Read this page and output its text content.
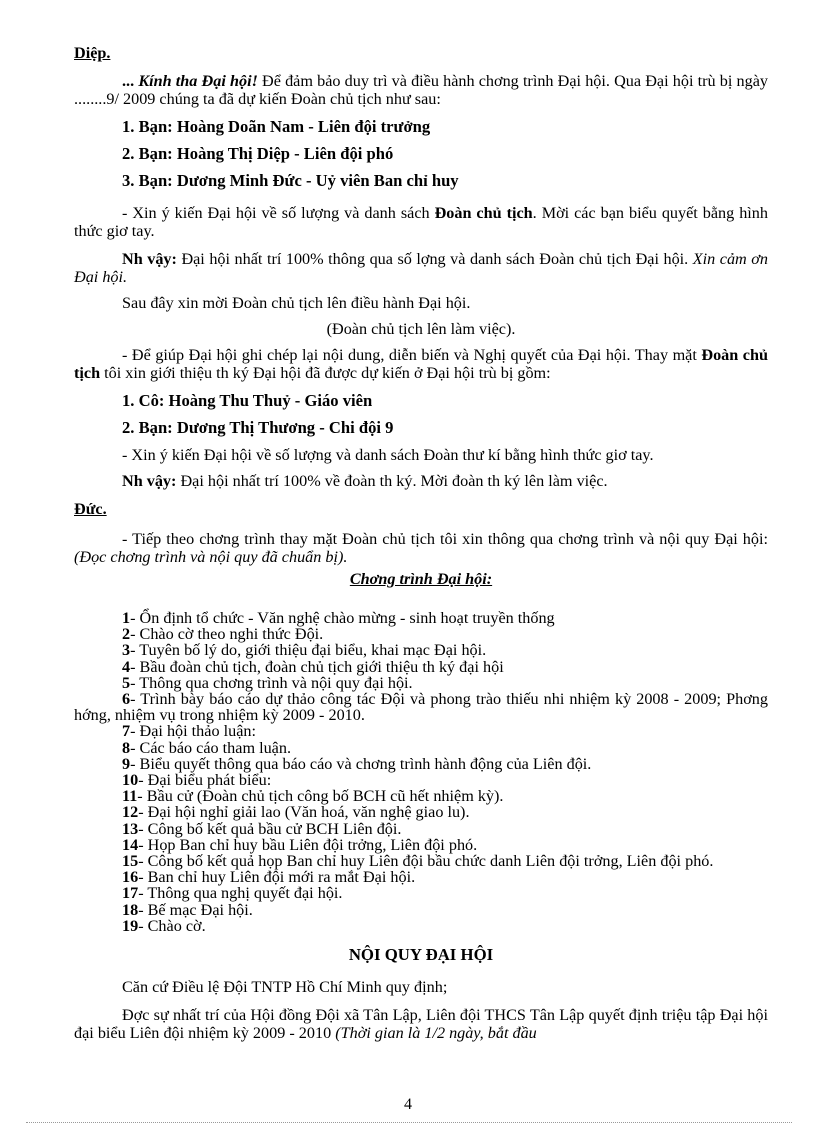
Diệp.

... Kính tha Đại hội! Để đảm bảo duy trì và điều hành chơng trình Đại hội. Qua Đại hội trù bị ngày ........9/ 2009 chúng ta đã dự kiến Đoàn chủ tịch như sau:

1. Bạn: Hoàng Doãn Nam - Liên đội trưởng

2. Bạn: Hoàng Thị Diệp - Liên đội phó

3. Bạn: Dương Minh Đức - Uỷ viên Ban chỉ huy

- Xin ý kiến Đại hội về số lượng và danh sách Đoàn chủ tịch. Mời các bạn biểu quyết bằng hình thức giơ tay.

Nh vậy: Đại hội nhất trí 100% thông qua số lợng và danh sách Đoàn chủ tịch Đại hội. Xin cảm ơn Đại hội.

Sau đây xin mời Đoàn chủ tịch lên điều hành Đại hội.

(Đoàn chủ tịch lên làm việc).

- Để giúp Đại hội ghi chép lại nội dung, diễn biến và Nghị quyết của Đại hội. Thay mặt Đoàn chủ tịch tôi xin giới thiệu th ký Đại hội đã được dự kiến ở Đại hội trù bị gồm:

1. Cô: Hoàng Thu Thuỷ - Giáo viên

2. Bạn: Dương Thị Thương - Chi đội 9

- Xin ý kiến Đại hội về số lượng và danh sách Đoàn thư kí bằng hình thức giơ tay.

Nh vậy: Đại hội nhất trí 100% về đoàn th ký. Mời đoàn th ký lên làm việc.

Đức.

- Tiếp theo chơng trình thay mặt Đoàn chủ tịch tôi xin thông qua chơng trình và nội quy Đại hội: (Đọc chơng trình và nội quy đã chuẩn bị).

Chơng trình Đại hội:

1- Ổn định tổ chức - Văn nghệ chào mừng - sinh hoạt truyền thống

2- Chào cờ theo nghi thức Đội.

3- Tuyên bố lý do, giới thiệu đại biểu, khai mạc Đại hội.

4- Bầu đoàn chủ tịch, đoàn chủ tịch giới thiệu th ký đại hội

5- Thông qua chơng trình và nội quy đại hội.

6- Trình bày báo cáo dự thảo công tác Đội và phong trào thiếu nhi nhiệm kỳ 2008 - 2009; Phơng hớng, nhiệm vụ trong nhiệm kỳ 2009 - 2010.

7- Đại hội thảo luận:

8- Các báo cáo tham luận.

9- Biểu quyết thông qua báo cáo và chơng trình hành động của Liên đội.

10- Đại biểu phát biểu:

11- Bầu cử (Đoàn chủ tịch công bố BCH cũ hết nhiệm kỳ).

12- Đại hội nghỉ giải lao (Văn hoá, văn nghệ giao lu).

13- Công bố kết quả bầu cử BCH Liên đội.

14- Họp Ban chỉ huy bầu Liên đội trởng, Liên đội phó.

15- Công bố kết quả họp Ban chỉ huy Liên đội bầu chức danh Liên đội trởng, Liên đội phó.

16- Ban chỉ huy Liên đội mới ra mắt Đại hội.

17- Thông qua nghị quyết đại hội.

18- Bế mạc Đại hội.

19- Chào cờ.

NỘI QUY ĐẠI HỘI

Căn cứ Điều lệ Đội TNTP Hồ Chí Minh quy định;

Đợc sự nhất trí của Hội đồng Đội xã Tân Lập, Liên đội THCS Tân Lập quyết định triệu tập Đại hội đại biểu Liên đội nhiệm kỳ 2009 - 2010 (Thời gian là 1/2 ngày, bắt đầu

4
